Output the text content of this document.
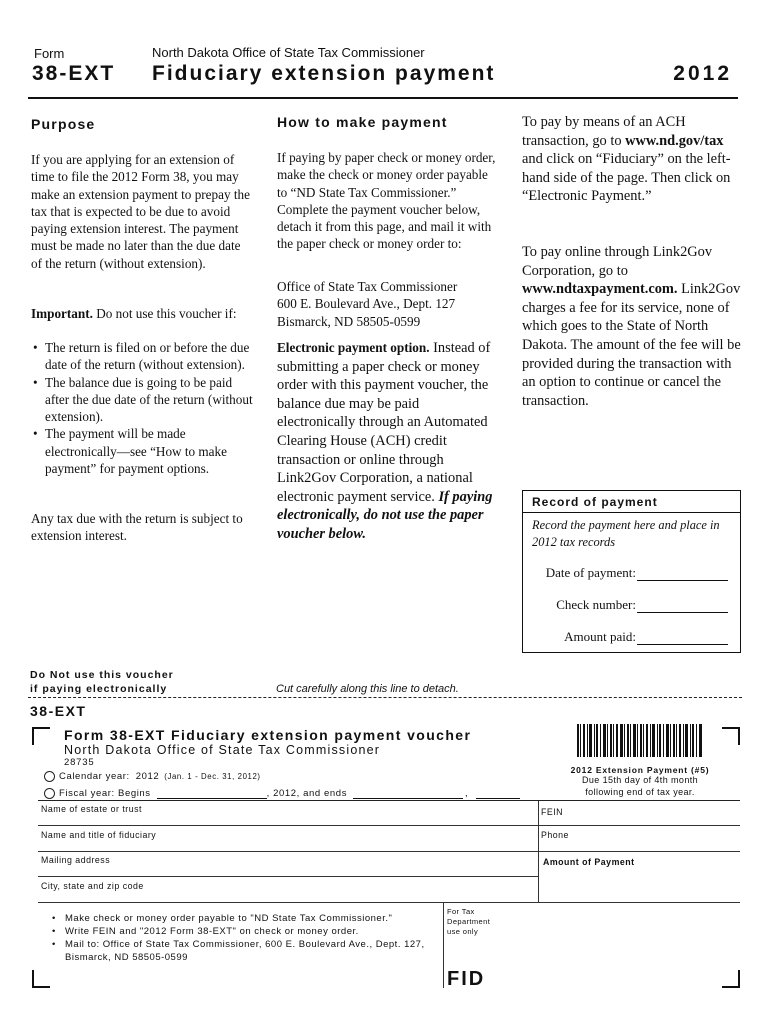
Form
38-EXT
North Dakota Office of State Tax Commissioner
Fiduciary extension payment	2012
Purpose
If you are applying for an extension of time to file the 2012 Form 38, you may make an extension payment to prepay the tax that is expected to be due to avoid paying extension interest. The payment must be made no later than the due date of the return (without extension).
Important. Do not use this voucher if:
• The return is filed on or before the due date of the return (without extension).
• The balance due is going to be paid after the due date of the return (without extension).
• The payment will be made electronically—see “How to make payment” for payment options.
Any tax due with the return is subject to extension interest.
How to make payment
If paying by paper check or money order, make the check or money order payable to “ND State Tax Commissioner.” Complete the payment voucher below, detach it from this page, and mail it with the paper check or money order to:
Office of State Tax Commissioner
600 E. Boulevard Ave., Dept. 127
Bismarck, ND 58505-0599
Electronic payment option. Instead of submitting a paper check or money order with this payment voucher, the balance due may be paid electronically through an Automated Clearing House (ACH) credit transaction or online through Link2Gov Corporation, a national electronic payment service. If paying electronically, do not use the paper voucher below.
To pay by means of an ACH transaction, go to www.nd.gov/tax and click on “Fiduciary” on the left-hand side of the page. Then click on “Electronic Payment.”
To pay online through Link2Gov Corporation, go to www.ndtaxpayment.com. Link2Gov charges a fee for its service, none of which goes to the State of North Dakota. The amount of the fee will be provided during the transaction with an option to continue or cancel the transaction.
Record of payment
Record the payment here and place in 2012 tax records
Date of payment:
Check number:
Amount paid:
Do Not use this voucher
if paying electronically	Cut carefully along this line to detach.
38-EXT
Form 38-EXT Fiduciary extension payment voucher
North Dakota Office of State Tax Commissioner
28735
2012 Extension Payment (#5)
Due 15th day of 4th month
following end of tax year.
Calendar year: 2012 (Jan. 1 - Dec. 31, 2012)
Fiscal year: Begins	, 2012, and ends	,
Name of estate or trust	FEIN
Name and title of fiduciary	Phone
Mailing address	Amount of Payment
City, state and zip code
• Make check or money order payable to "ND State Tax Commissioner."
• Write FEIN and "2012 Form 38-EXT" on check or money order.
• Mail to: Office of State Tax Commissioner, 600 E. Boulevard Ave., Dept. 127, Bismarck, ND 58505-0599
For Tax
Department
use only
FID
